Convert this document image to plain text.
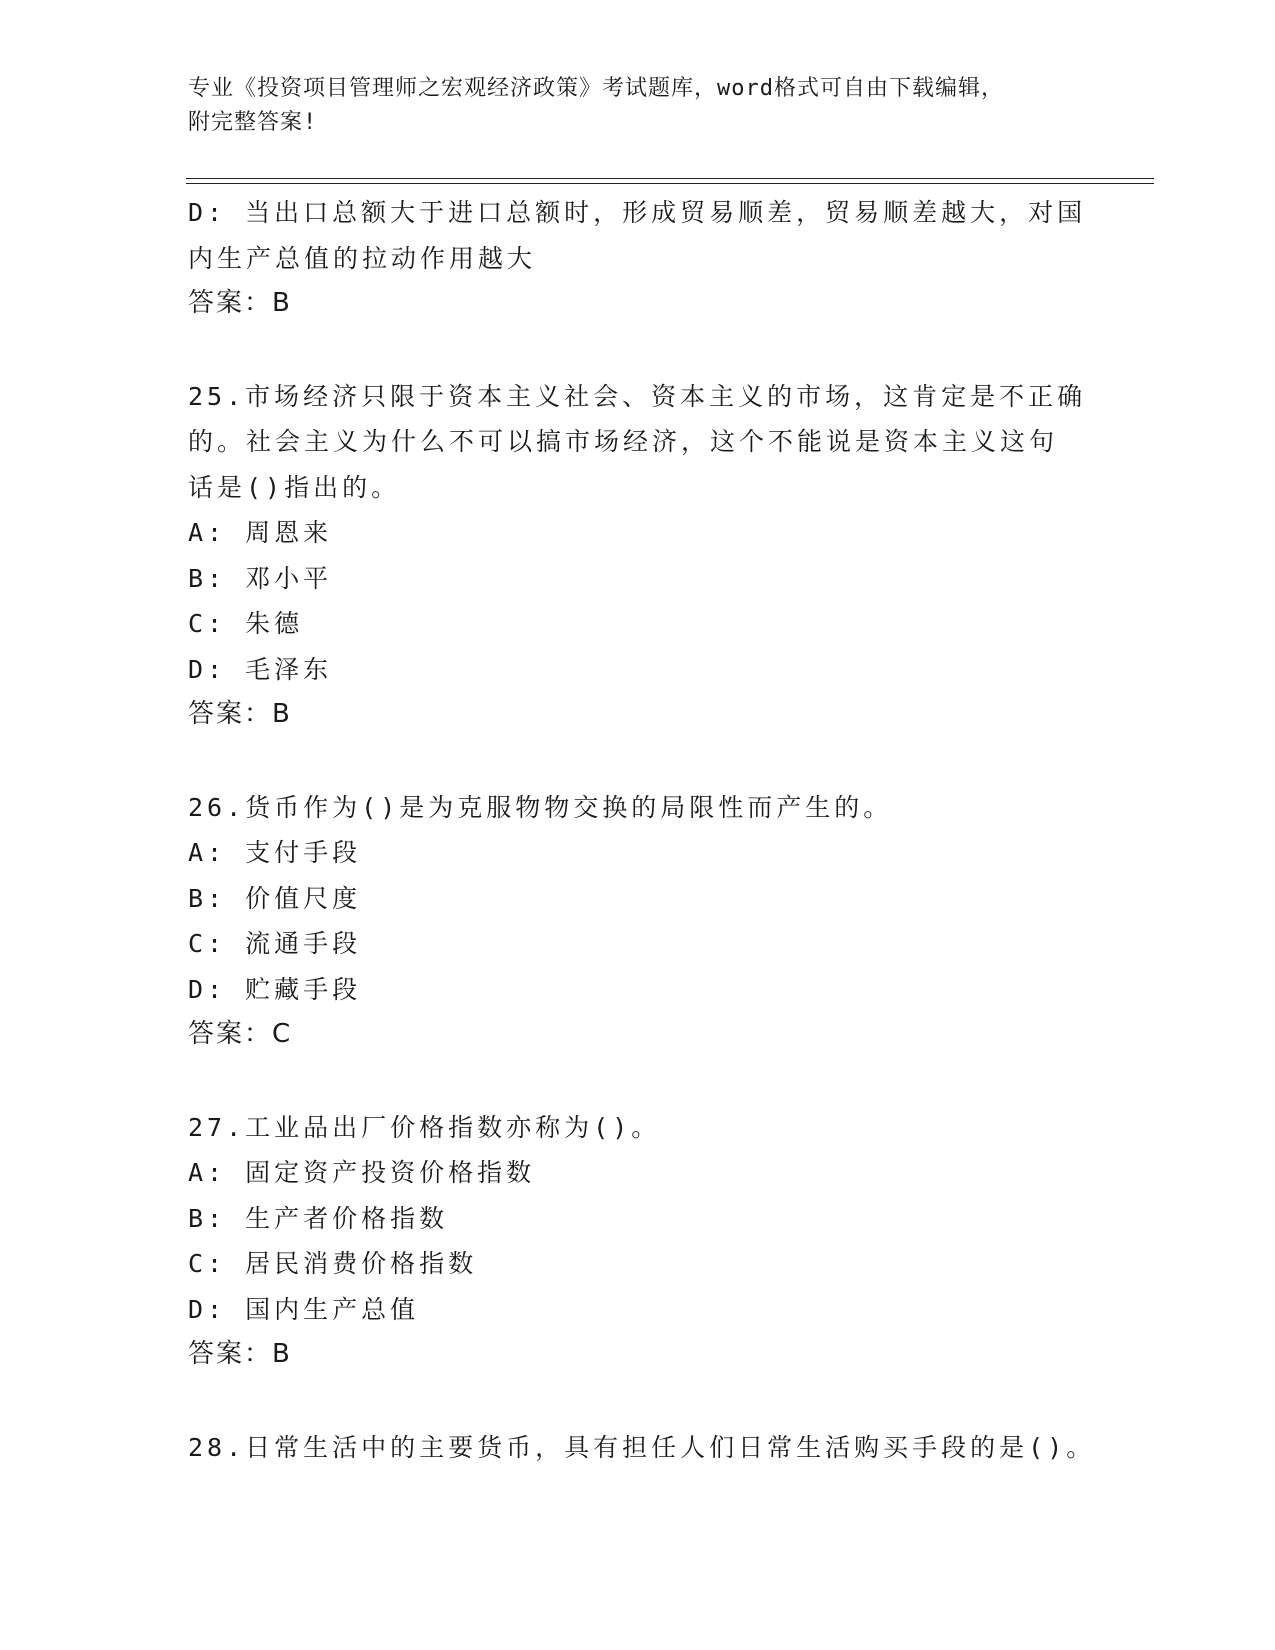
专业《投资项目管理师之宏观经济政策》考试题库，word格式可自由下载编辑，
附完整答案!
D: 当出口总额大于进口总额时，形成贸易顺差，贸易顺差越大，对国
内生产总值的拉动作用越大
答案：B
25.市场经济只限于资本主义社会、资本主义的市场，这肯定是不正确
的。社会主义为什么不可以搞市场经济，这个不能说是资本主义这句
话是()指出的。
A: 周恩来
B: 邓小平
C: 朱德
D: 毛泽东
答案：B
26.货币作为()是为克服物物交换的局限性而产生的。
A: 支付手段
B: 价值尺度
C: 流通手段
D: 贮藏手段
答案：C
27.工业品出厂价格指数亦称为()。
A: 固定资产投资价格指数
B: 生产者价格指数
C: 居民消费价格指数
D: 国内生产总值
答案：B
28.日常生活中的主要货币，具有担任人们日常生活购买手段的是()。
